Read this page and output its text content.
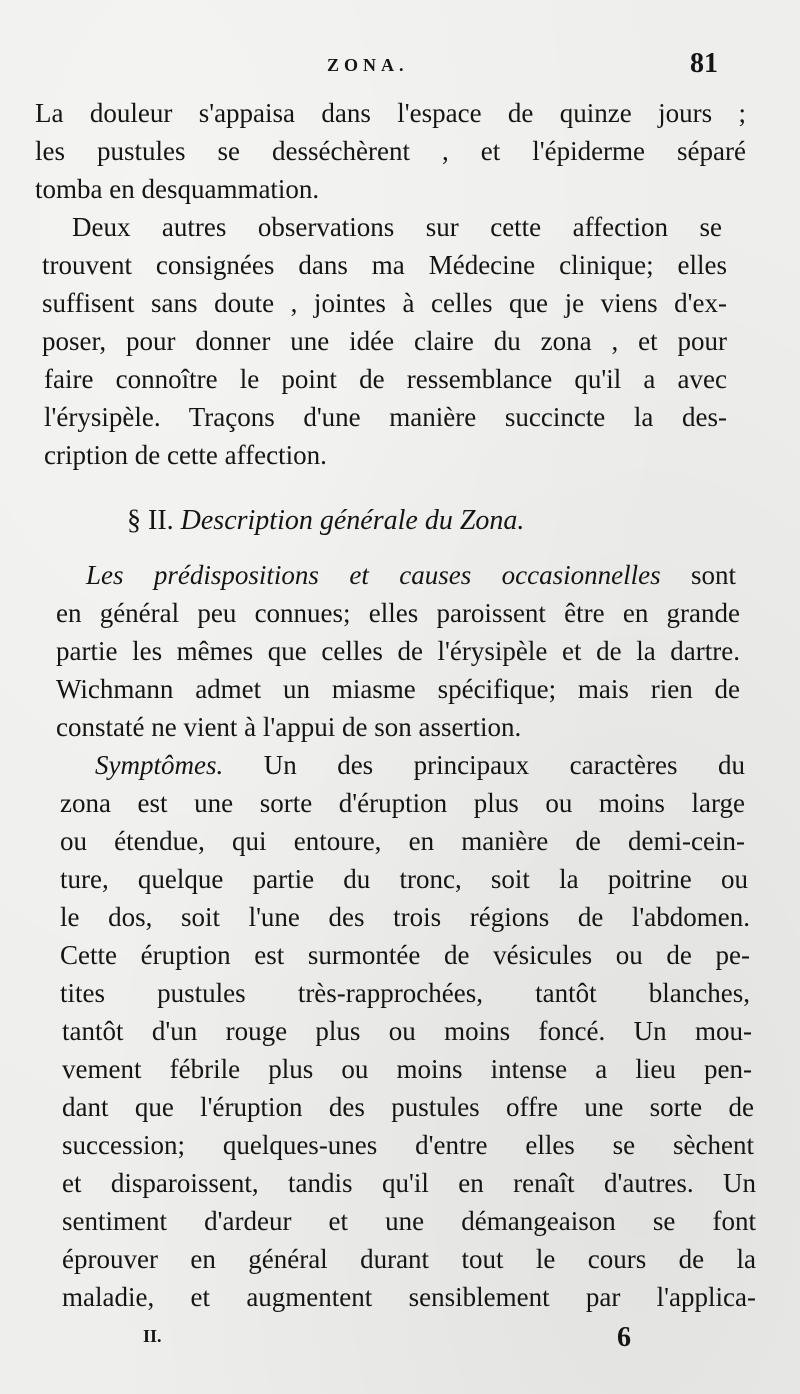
ZONA.	81
La douleur s'appaisa dans l'espace de quinze jours ;
les pustules se desséchèrent , et l'épiderme séparé
tomba en desquammation.
Deux autres observations sur cette affection se
trouvent consignées dans ma Médecine clinique; elles
suffisent sans doute , jointes à celles que je viens d'ex-
poser, pour donner une idée claire du zona , et pour
faire connoître le point de ressemblance qu'il a avec
l'érysipèle. Traçons d'une manière succincte la des-
cription de cette affection.
§ II. Description générale du Zona.
Les prédispositions et causes occasionnelles sont
en général peu connues; elles paroissent être en grande
partie les mêmes que celles de l'érysipèle et de la dartre.
Wichmann admet un miasme spécifique; mais rien de
constaté ne vient à l'appui de son assertion.
Symptômes. Un des principaux caractères du
zona est une sorte d'éruption plus ou moins large
ou étendue, qui entoure, en manière de demi-cein-
ture, quelque partie du tronc, soit la poitrine ou
le dos, soit l'une des trois régions de l'abdomen.
Cette éruption est surmontée de vésicules ou de pe-
tites pustules très-rapprochées, tantôt blanches,
tantôt d'un rouge plus ou moins foncé. Un mou-
vement fébrile plus ou moins intense a lieu pen-
dant que l'éruption des pustules offre une sorte de
succession; quelques-unes d'entre elles se sèchent
et disparoissent, tandis qu'il en renaît d'autres. Un
sentiment d'ardeur et une démangeaison se font
éprouver en général durant tout le cours de la
maladie, et augmentent sensiblement par l'applica-
II.	6
